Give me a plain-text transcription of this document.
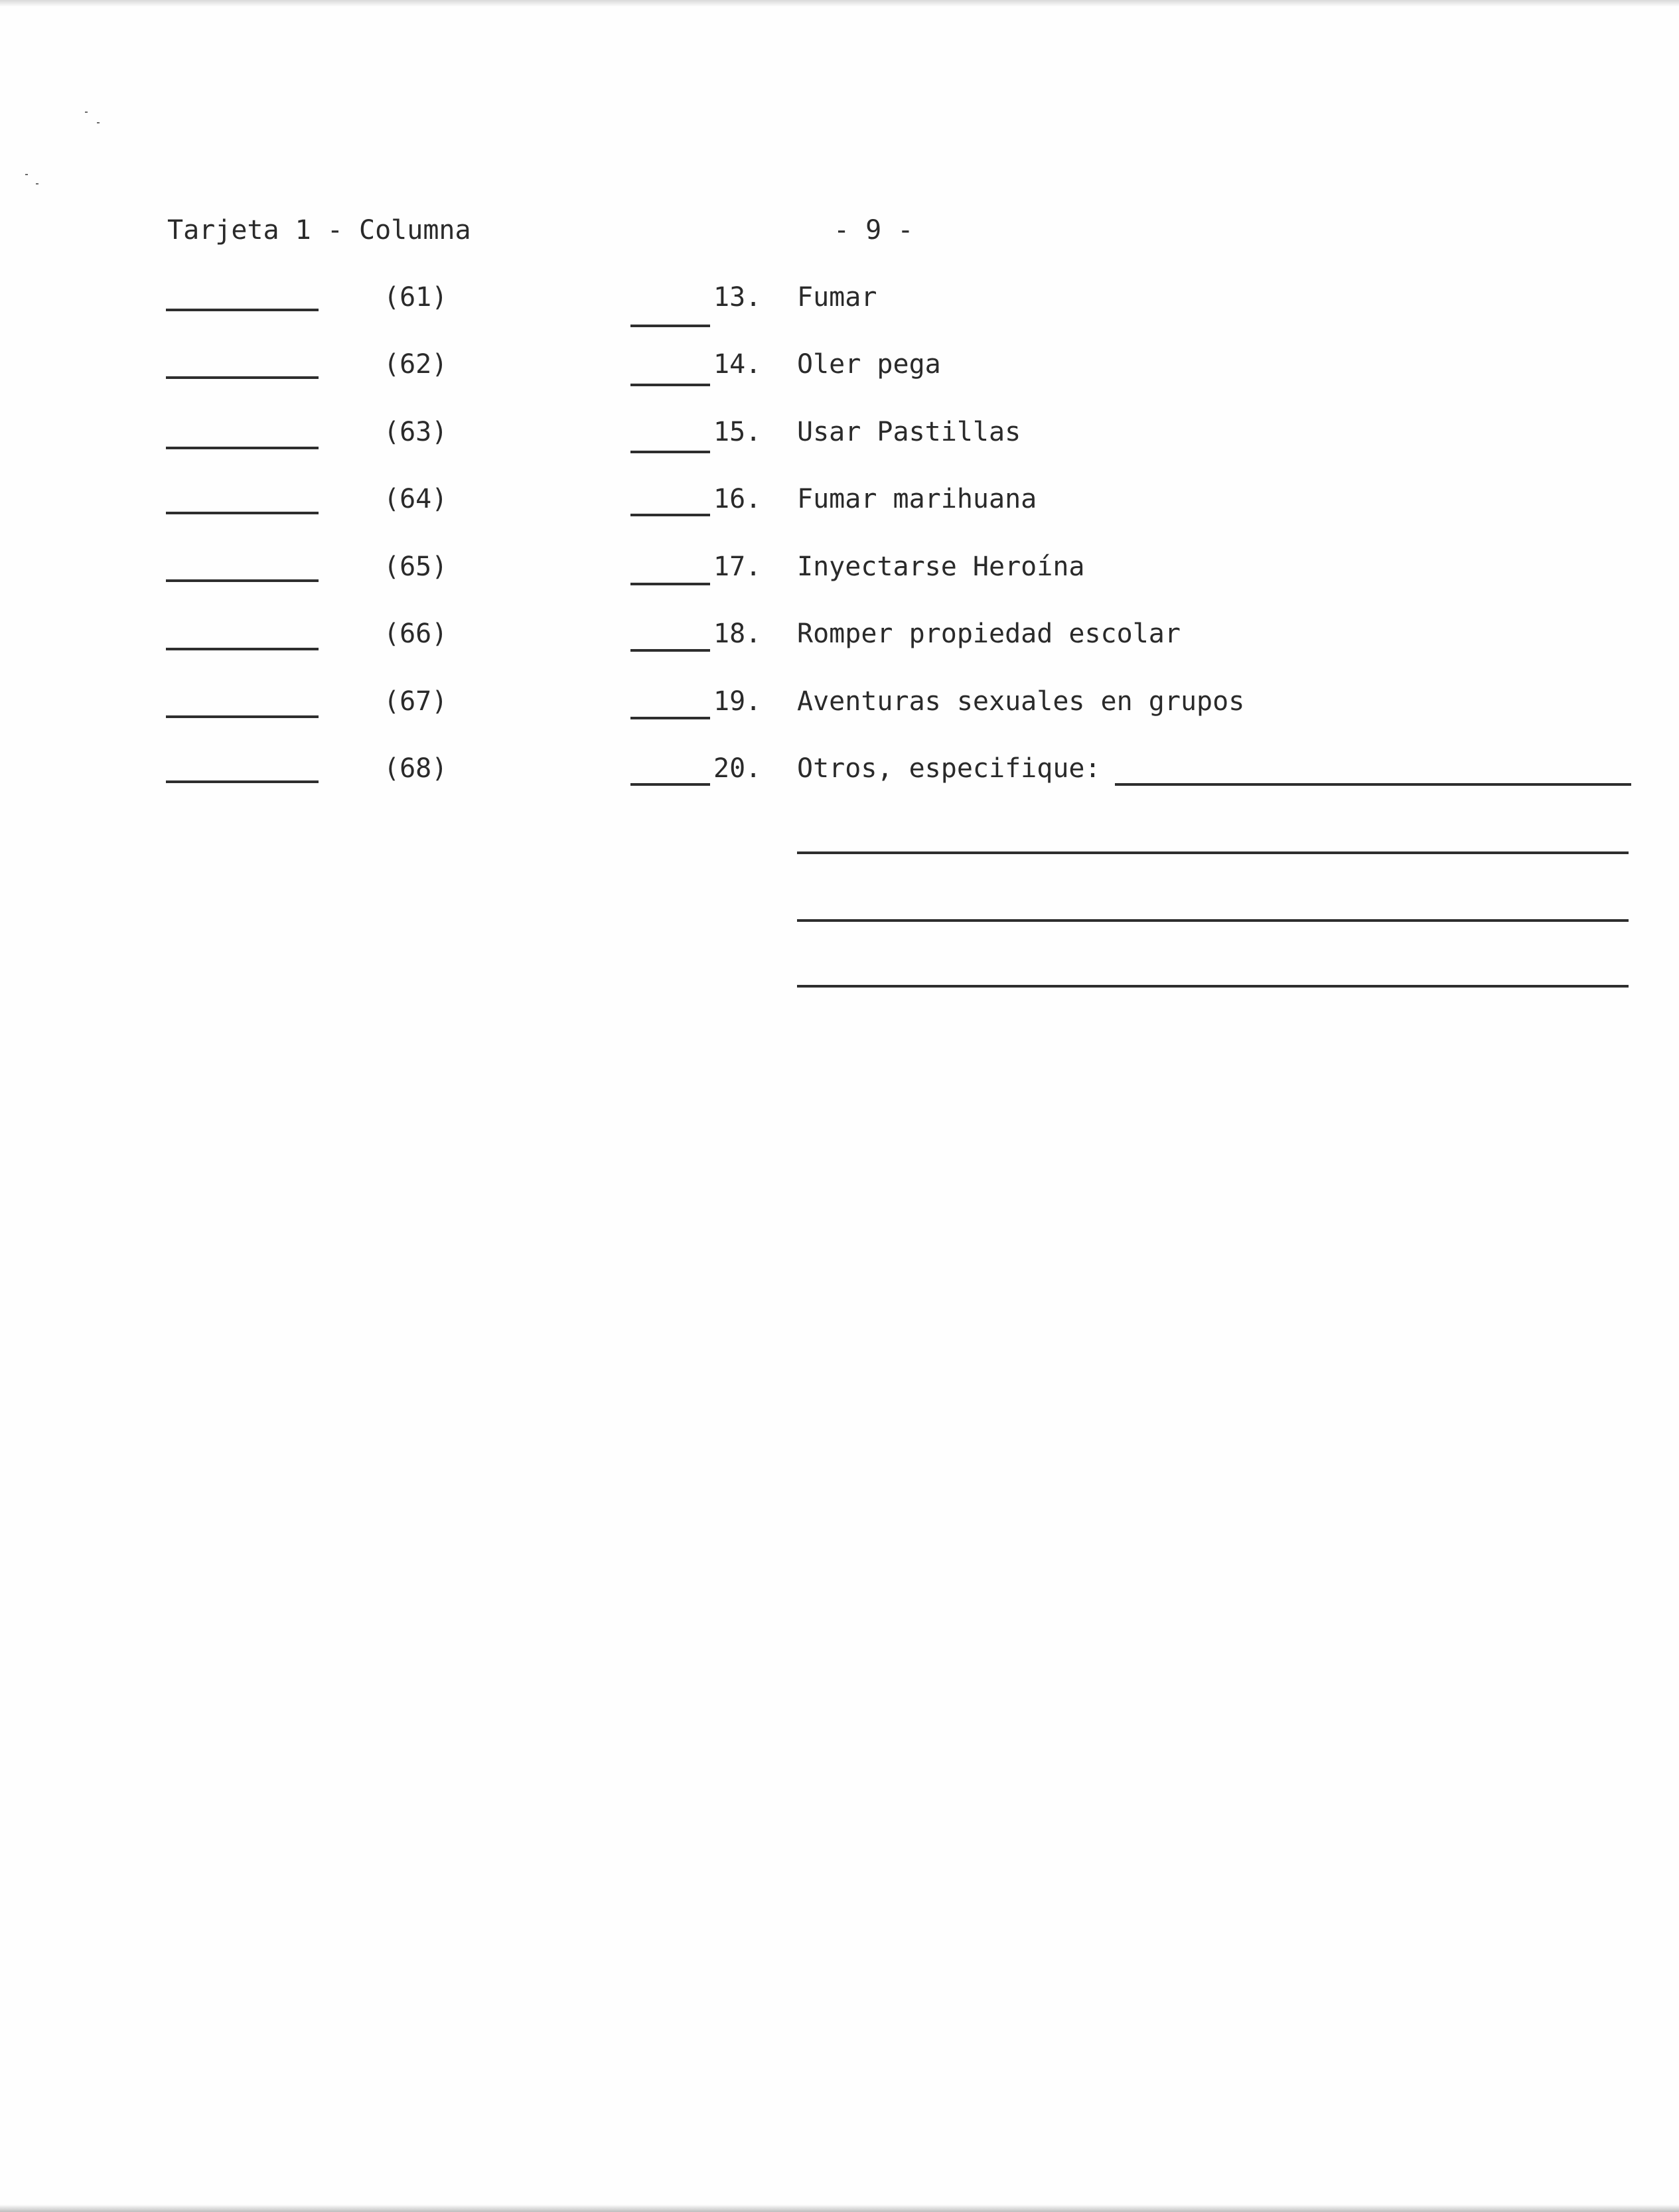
Tarjeta 1 - Columna	- 9 -
(61)	13. Fumar
(62)	14. Oler pega
(63)	15. Usar Pastillas
(64)	16. Fumar marihuana
(65)	17. Inyectarse Heroína
(66)	18. Romper propiedad escolar
(67)	19. Aventuras sexuales en grupos
(68)	20. Otros, especifique:
